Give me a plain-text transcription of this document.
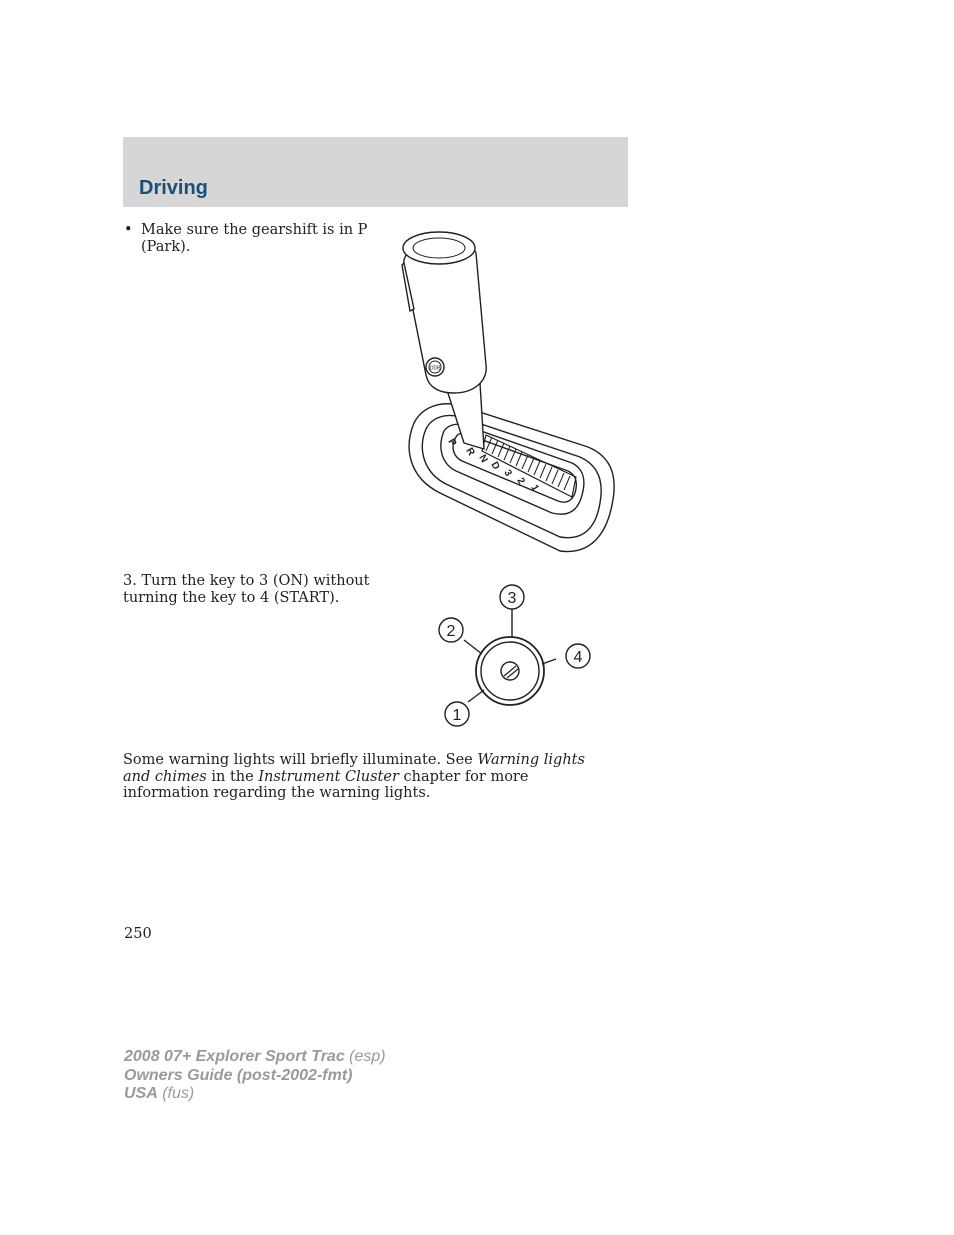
Driving
• Make sure the gearshift is in P (Park).
P
R
N
D
3
2
1
ODB
3. Turn the key to 3 (ON) without turning the key to 4 (START).	3
2
4
1
Some warning lights will briefly illuminate. See Warning lights and chimes in the Instrument Cluster chapter for more information regarding the warning lights.
250
2008 07+ Explorer Sport Trac (esp)
Owners Guide (post-2002-fmt)
USA (fus)
